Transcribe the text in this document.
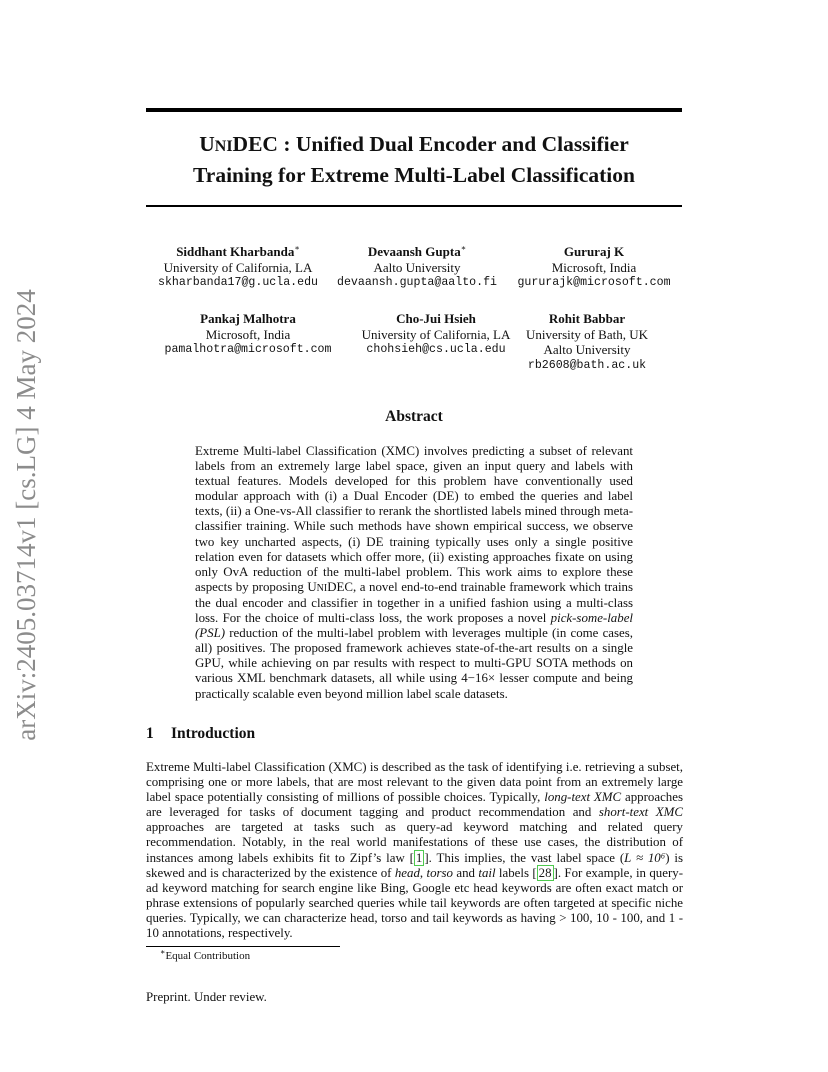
arXiv:2405.03714v1 [cs.LG] 4 May 2024
UNIDEC : Unified Dual Encoder and Classifier
Training for Extreme Multi-Label Classification
Siddhant Kharbanda∗
University of California, LA
skharbanda17@g.ucla.edu
Devaansh Gupta∗
Aalto University
devaansh.gupta@aalto.fi
Gururaj K
Microsoft, India
gururajk@microsoft.com
Pankaj Malhotra
Microsoft, India
pamalhotra@microsoft.com
Cho-Jui Hsieh
University of California, LA
chohsieh@cs.ucla.edu
Rohit Babbar
University of Bath, UK
Aalto University
rb2608@bath.ac.uk
Abstract

Extreme Multi-label Classification (XMC) involves predicting a subset of relevant labels from an extremely large label space, given an input query and labels with textual features. Models developed for this problem have conventionally used modular approach with (i) a Dual Encoder (DE) to embed the queries and label texts, (ii) a One-vs-All classifier to rerank the shortlisted labels mined through meta-classifier training. While such methods have shown empirical success, we observe two key uncharted aspects, (i) DE training typically uses only a single positive relation even for datasets which offer more, (ii) existing approaches fixate on using only OvA reduction of the multi-label problem. This work aims to explore these aspects by proposing UNIDEC, a novel end-to-end trainable framework which trains the dual encoder and classifier in together in a unified fashion using a multi-class loss. For the choice of multi-class loss, the work proposes a novel pick-some-label (PSL) reduction of the multi-label problem with leverages multiple (in come cases, all) positives. The proposed framework achieves state-of-the-art results on a single GPU, while achieving on par results with respect to multi-GPU SOTA methods on various XML benchmark datasets, all while using 4−16× lesser compute and being practically scalable even beyond million label scale datasets.

1 Introduction

Extreme Multi-label Classification (XMC) is described as the task of identifying i.e. retrieving a subset, comprising one or more labels, that are most relevant to the given data point from an extremely large label space potentially consisting of millions of possible choices. Typically, long-text XMC approaches are leveraged for tasks of document tagging and product recommendation and short-text XMC approaches are targeted at tasks such as query-ad keyword matching and related query recommendation. Notably, in the real world manifestations of these use cases, the distribution of instances among labels exhibits fit to Zipf’s law [ 1 ]. This implies, the vast label space (L ≈ 10⁶) is skewed and is characterized by the existence of head, torso and tail labels [ 28 ]. For example, in query-ad keyword matching for search engine like Bing, Google etc head keywords are often exact match or phrase extensions of popularly searched queries while tail keywords are often targeted at specific niche queries. Typically, we can characterize head, torso and tail keywords as having > 100, 10 - 100, and 1 - 10 annotations, respectively.

∗Equal Contribution
Preprint. Under review.
